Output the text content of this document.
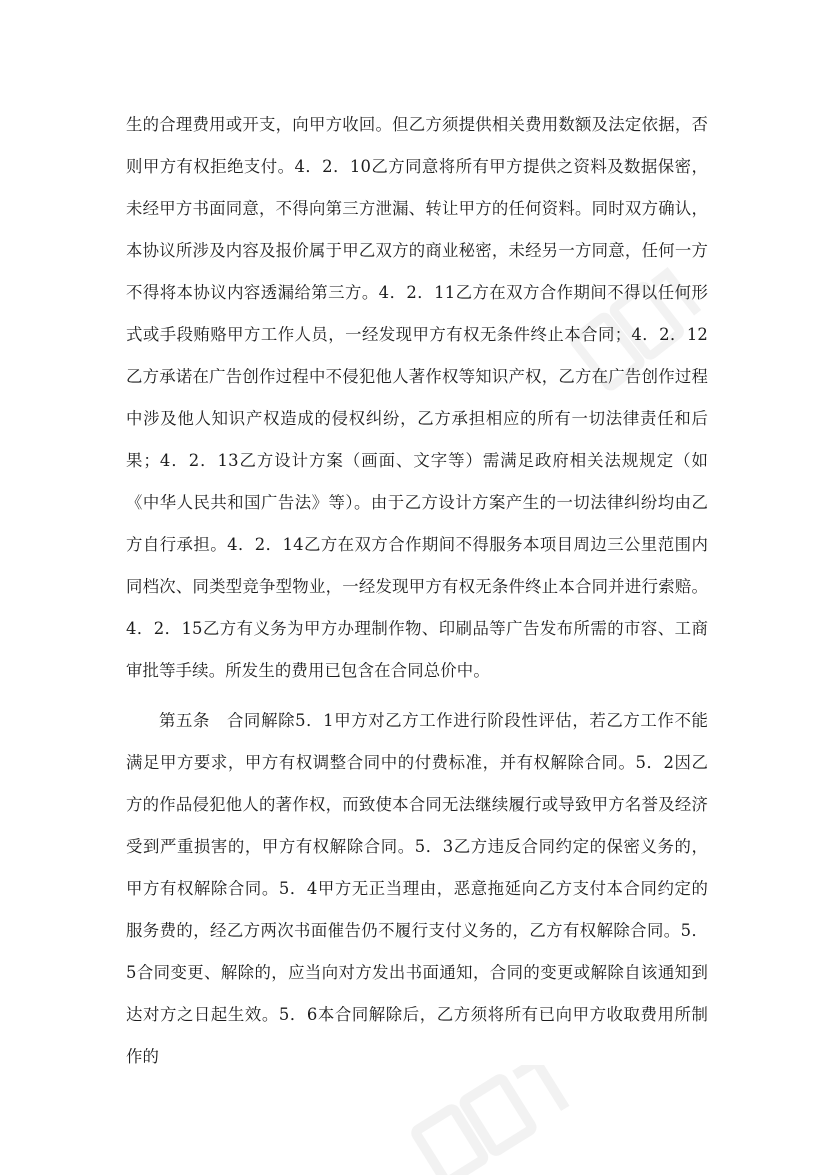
生的合理费用或开支，向甲方收回。但乙方须提供相关费用数额及法定依据，否则甲方有权拒绝支付。4．2．10乙方同意将所有甲方提供之资料及数据保密，未经甲方书面同意，不得向第三方泄漏、转让甲方的任何资料。同时双方确认，本协议所涉及内容及报价属于甲乙双方的商业秘密，未经另一方同意，任何一方不得将本协议内容透漏给第三方。4．2．11乙方在双方合作期间不得以任何形式或手段贿赂甲方工作人员，一经发现甲方有权无条件终止本合同；4．2．12乙方承诺在广告创作过程中不侵犯他人著作权等知识产权，乙方在广告创作过程中涉及他人知识产权造成的侵权纠纷，乙方承担相应的所有一切法律责任和后果；4．2．13乙方设计方案（画面、文字等）需满足政府相关法规规定（如《中华人民共和国广告法》等）。由于乙方设计方案产生的一切法律纠纷均由乙方自行承担。4．2．14乙方在双方合作期间不得服务本项目周边三公里范围内同档次、同类型竞争型物业，一经发现甲方有权无条件终止本合同并进行索赔。4．2．15乙方有义务为甲方办理制作物、印刷品等广告发布所需的市容、工商审批等手续。所发生的费用已包含在合同总价中。

第五条　合同解除5．1甲方对乙方工作进行阶段性评估，若乙方工作不能满足甲方要求，甲方有权调整合同中的付费标准，并有权解除合同。5．2因乙方的作品侵犯他人的著作权，而致使本合同无法继续履行或导致甲方名誉及经济受到严重损害的，甲方有权解除合同。5．3乙方违反合同约定的保密义务的，甲方有权解除合同。5．4甲方无正当理由，恶意拖延向乙方支付本合同约定的服务费的，经乙方两次书面催告仍不履行支付义务的，乙方有权解除合同。5．5合同变更、解除的，应当向对方发出书面通知，合同的变更或解除自该通知到达对方之日起生效。5．6本合同解除后，乙方须将所有已向甲方收取费用所制作的
